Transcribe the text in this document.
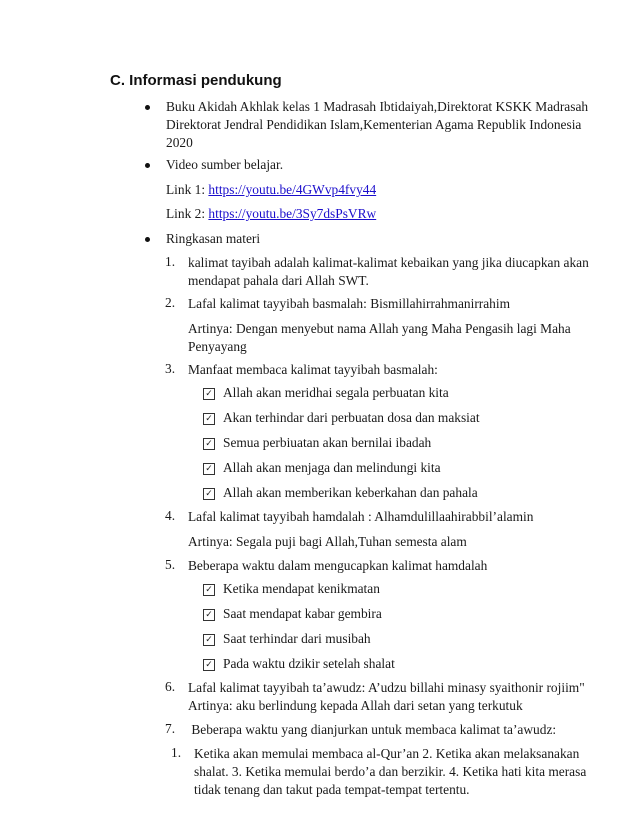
C. Informasi pendukung
Buku Akidah Akhlak kelas 1 Madrasah Ibtidaiyah,Direktorat KSKK Madrasah
Direktorat Jendral Pendidikan Islam,Kementerian Agama Republik Indonesia
2020
Video sumber belajar.
Link 1: https://youtu.be/4GWvp4fvy44
Link 2: https://youtu.be/3Sy7dsPsVRw
Ringkasan materi
1. kalimat tayibah adalah kalimat-kalimat kebaikan yang jika diucapkan akan
mendapat pahala dari Allah SWT.
2. Lafal kalimat tayyibah basmalah: Bismillahirrahmanirrahim
Artinya: Dengan menyebut nama Allah yang Maha Pengasih lagi Maha
Penyayang
3. Manfaat membaca kalimat tayyibah basmalah:
✓ Allah akan meridhai segala perbuatan kita
✓ Akan terhindar dari perbuatan dosa dan maksiat
✓ Semua perbiuatan akan bernilai ibadah
✓ Allah akan menjaga dan melindungi kita
✓ Allah akan memberikan keberkahan dan pahala
4. Lafal kalimat tayyibah hamdalah : Alhamdulillaahirabbil’alamin
Artinya: Segala puji bagi Allah,Tuhan semesta alam
5. Beberapa waktu dalam mengucapkan kalimat hamdalah
✓ Ketika mendapat kenikmatan
✓ Saat mendapat kabar gembira
✓ Saat terhindar dari musibah
✓ Pada waktu dzikir setelah shalat
6. Lafal kalimat tayyibah ta’awudz: A’udzu billahi minasy syaithonir rojiim"
Artinya: aku berlindung kepada Allah dari setan yang terkutuk
7. Beberapa waktu yang dianjurkan untuk membaca kalimat ta’awudz:
1. Ketika akan memulai membaca al-Qur’an 2. Ketika akan melaksanakan
shalat. 3. Ketika memulai berdo’a dan berzikir. 4. Ketika hati kita merasa
tidak tenang dan takut pada tempat-tempat tertentu.
